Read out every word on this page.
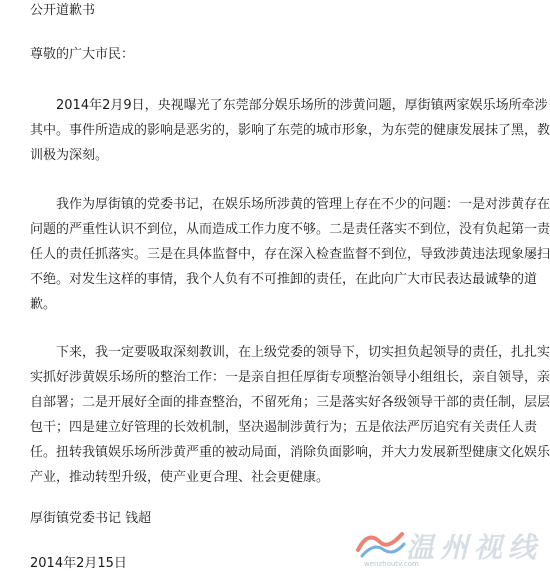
公开道歉书
尊敬的广大市民：
　　2014年2月9日，央视曝光了东莞部分娱乐场所的涉黄问题，厚街镇两家娱乐场所牵涉
其中。事件所造成的影响是恶劣的，影响了东莞的城市形象，为东莞的健康发展抹了黑，教
训极为深刻。
　　我作为厚街镇的党委书记，在娱乐场所涉黄的管理上存在不少的问题：一是对涉黄存在
问题的严重性认识不到位，从而造成工作力度不够。二是责任落实不到位，没有负起第一责
任人的责任抓落实。三是在具体监督中，存在深入检查监督不到位，导致涉黄违法现象屡扫
不绝。对发生这样的事情，我个人负有不可推卸的责任，在此向广大市民表达最诚挚的道
歉。
　　下来，我一定要吸取深刻教训，在上级党委的领导下，切实担负起领导的责任，扎扎实
实抓好涉黄娱乐场所的整治工作：一是亲自担任厚街专项整治领导小组组长，亲自领导，亲
自部署；二是开展好全面的排查整治，不留死角；三是落实好各级领导干部的责任制，层层
包干；四是建立好管理的长效机制，坚决遏制涉黄行为；五是依法严厉追究有关责任人责
任。扭转我镇娱乐场所涉黄严重的被动局面，消除负面影响，并大力发展新型健康文化娱乐
产业，推动转型升级，使产业更合理、社会更健康。
厚街镇党委书记 钱超
2014年2月15日	温州视线
wenzhoutv.com
